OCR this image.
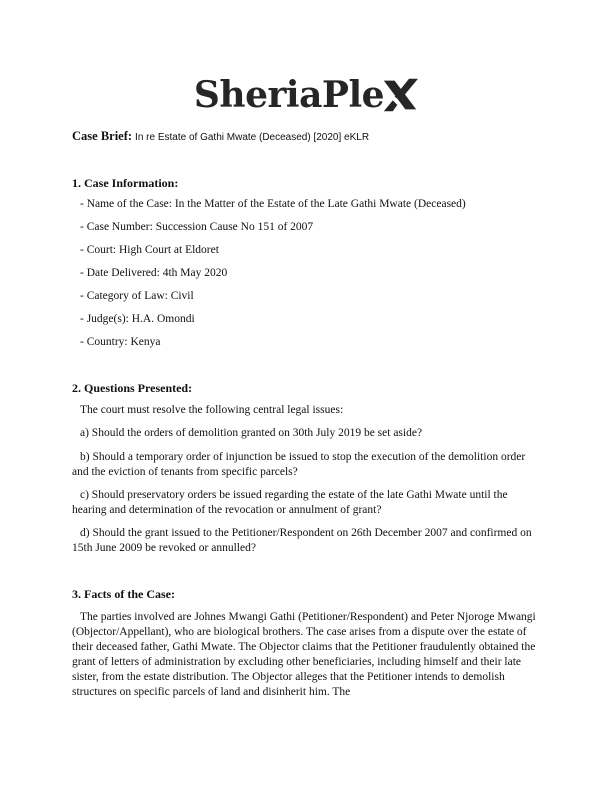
SheriaPle
Case Brief: In re Estate of Gathi Mwate (Deceased) [2020] eKLR
1. Case Information:
- Name of the Case: In the Matter of the Estate of the Late Gathi Mwate (Deceased)
- Case Number: Succession Cause No 151 of 2007
- Court: High Court at Eldoret
- Date Delivered: 4th May 2020
- Category of Law: Civil
- Judge(s): H.A. Omondi
- Country: Kenya
2. Questions Presented:
The court must resolve the following central legal issues:
a) Should the orders of demolition granted on 30th July 2019 be set aside?
b) Should a temporary order of injunction be issued to stop the execution of the demolition order and the eviction of tenants from specific parcels?
c) Should preservatory orders be issued regarding the estate of the late Gathi Mwate until the hearing and determination of the revocation or annulment of grant?
d) Should the grant issued to the Petitioner/Respondent on 26th December 2007 and confirmed on 15th June 2009 be revoked or annulled?
3. Facts of the Case:
The parties involved are Johnes Mwangi Gathi (Petitioner/Respondent) and Peter Njoroge Mwangi (Objector/Appellant), who are biological brothers. The case arises from a dispute over the estate of their deceased father, Gathi Mwate. The Objector claims that the Petitioner fraudulently obtained the grant of letters of administration by excluding other beneficiaries, including himself and their late sister, from the estate distribution. The Objector alleges that the Petitioner intends to demolish structures on specific parcels of land and disinherit him. The
